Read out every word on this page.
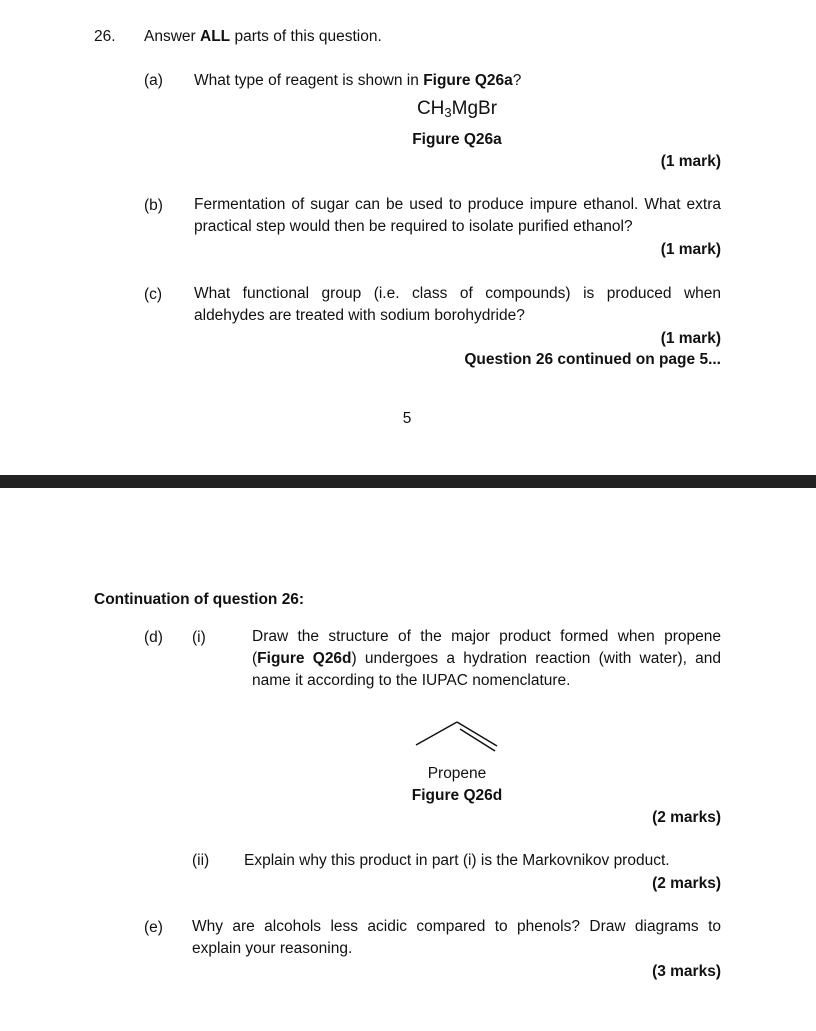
26. Answer ALL parts of this question.
(a) What type of reagent is shown in Figure Q26a?
$CH_3MgBr$
Figure Q26a
(1 mark)
(b) Fermentation of sugar can be used to produce impure ethanol. What extra practical step would then be required to isolate purified ethanol?
(1 mark)
(c) What functional group (i.e. class of compounds) is produced when aldehydes are treated with sodium borohydride?
(1 mark)
Question 26 continued on page 5...
5
Continuation of question 26:
(d) (i)	Draw the structure of the major product formed when propene (Figure Q26d) undergoes a hydration reaction (with water), and name it according to the IUPAC nomenclature.
Propene
Figure Q26d
(2 marks)
(ii) Explain why this product in part (i) is the Markovnikov product.
(2 marks)
(e) Why are alcohols less acidic compared to phenols? Draw diagrams to explain your reasoning.
(3 marks)
